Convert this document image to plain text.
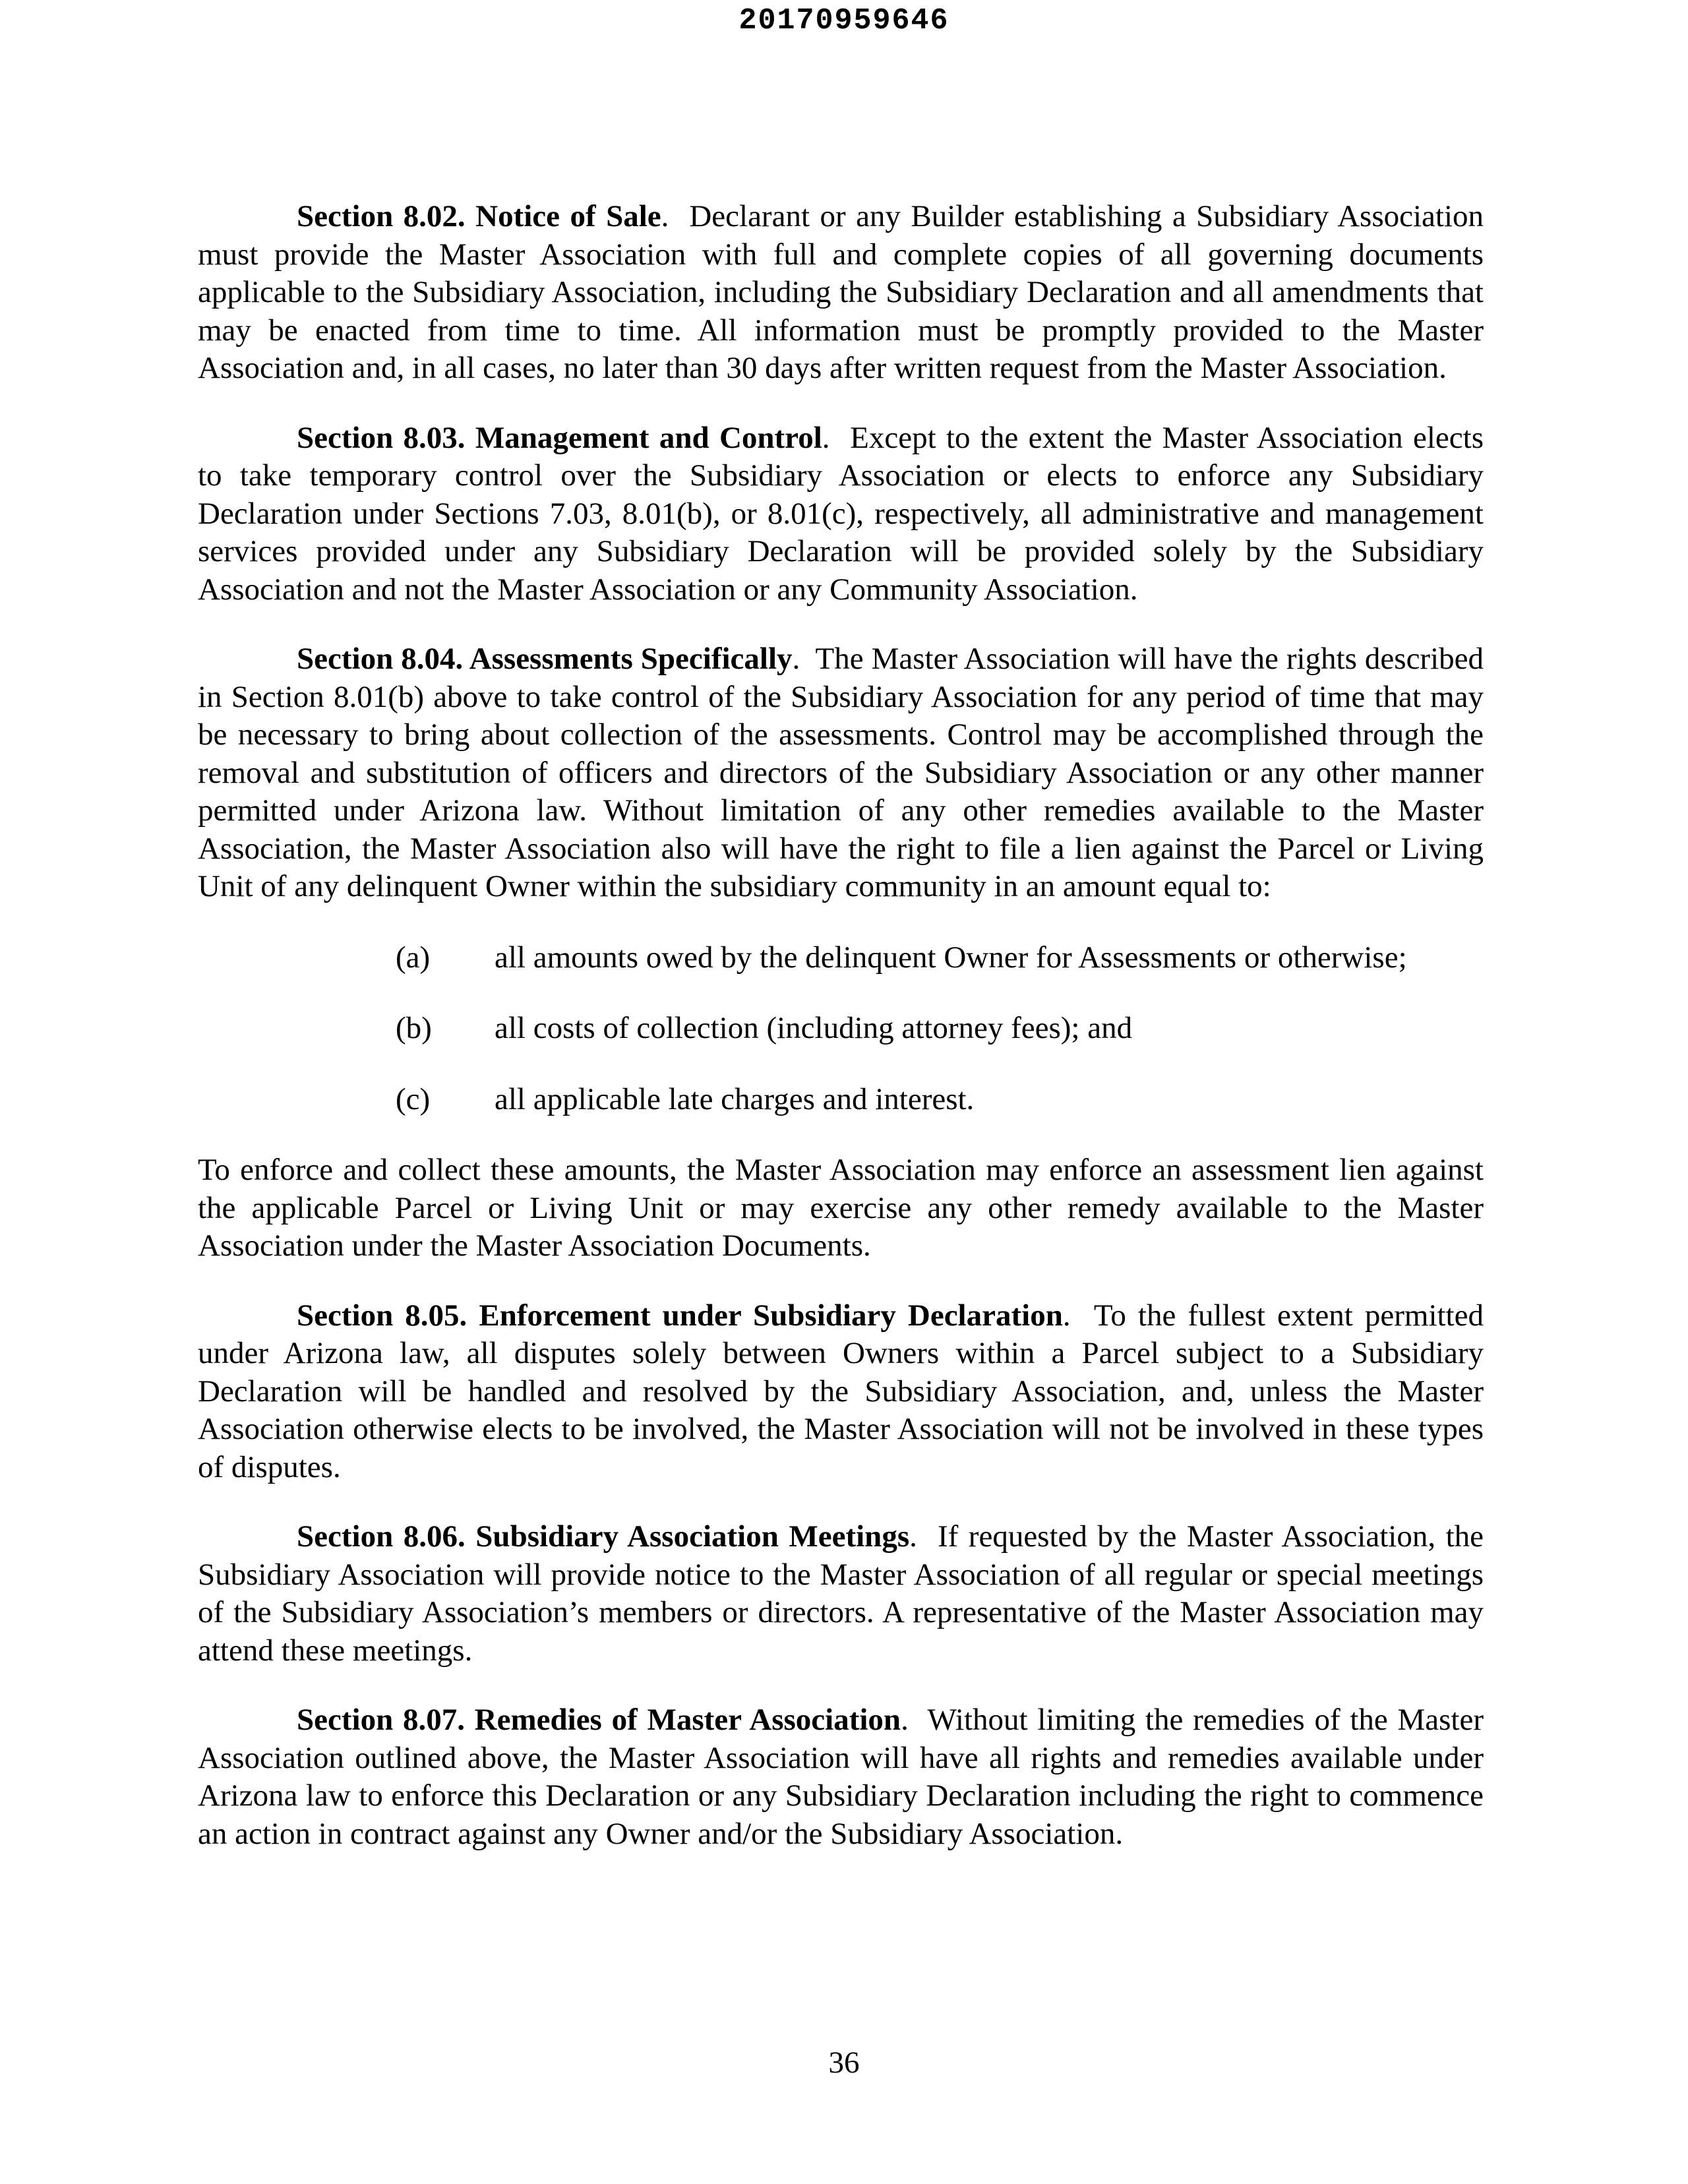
20170959646

Section 8.02. Notice of Sale.  Declarant or any Builder establishing a Subsidiary Association must provide the Master Association with full and complete copies of all governing documents applicable to the Subsidiary Association, including the Subsidiary Declaration and all amendments that may be enacted from time to time. All information must be promptly provided to the Master Association and, in all cases, no later than 30 days after written request from the Master Association.

Section 8.03. Management and Control.  Except to the extent the Master Association elects to take temporary control over the Subsidiary Association or elects to enforce any Subsidiary Declaration under Sections 7.03, 8.01(b), or 8.01(c), respectively, all administrative and management services provided under any Subsidiary Declaration will be provided solely by the Subsidiary Association and not the Master Association or any Community Association.

Section 8.04. Assessments Specifically.  The Master Association will have the rights described in Section 8.01(b) above to take control of the Subsidiary Association for any period of time that may be necessary to bring about collection of the assessments. Control may be accomplished through the removal and substitution of officers and directors of the Subsidiary Association or any other manner permitted under Arizona law. Without limitation of any other remedies available to the Master Association, the Master Association also will have the right to file a lien against the Parcel or Living Unit of any delinquent Owner within the subsidiary community in an amount equal to:

(a) all amounts owed by the delinquent Owner for Assessments or otherwise;
(b) all costs of collection (including attorney fees); and
(c) all applicable late charges and interest.

To enforce and collect these amounts, the Master Association may enforce an assessment lien against the applicable Parcel or Living Unit or may exercise any other remedy available to the Master Association under the Master Association Documents.

Section 8.05. Enforcement under Subsidiary Declaration.  To the fullest extent permitted under Arizona law, all disputes solely between Owners within a Parcel subject to a Subsidiary Declaration will be handled and resolved by the Subsidiary Association, and, unless the Master Association otherwise elects to be involved, the Master Association will not be involved in these types of disputes.

Section 8.06. Subsidiary Association Meetings.  If requested by the Master Association, the Subsidiary Association will provide notice to the Master Association of all regular or special meetings of the Subsidiary Association’s members or directors. A representative of the Master Association may attend these meetings.

Section 8.07. Remedies of Master Association.  Without limiting the remedies of the Master Association outlined above, the Master Association will have all rights and remedies available under Arizona law to enforce this Declaration or any Subsidiary Declaration including the right to commence an action in contract against any Owner and/or the Subsidiary Association.

36
